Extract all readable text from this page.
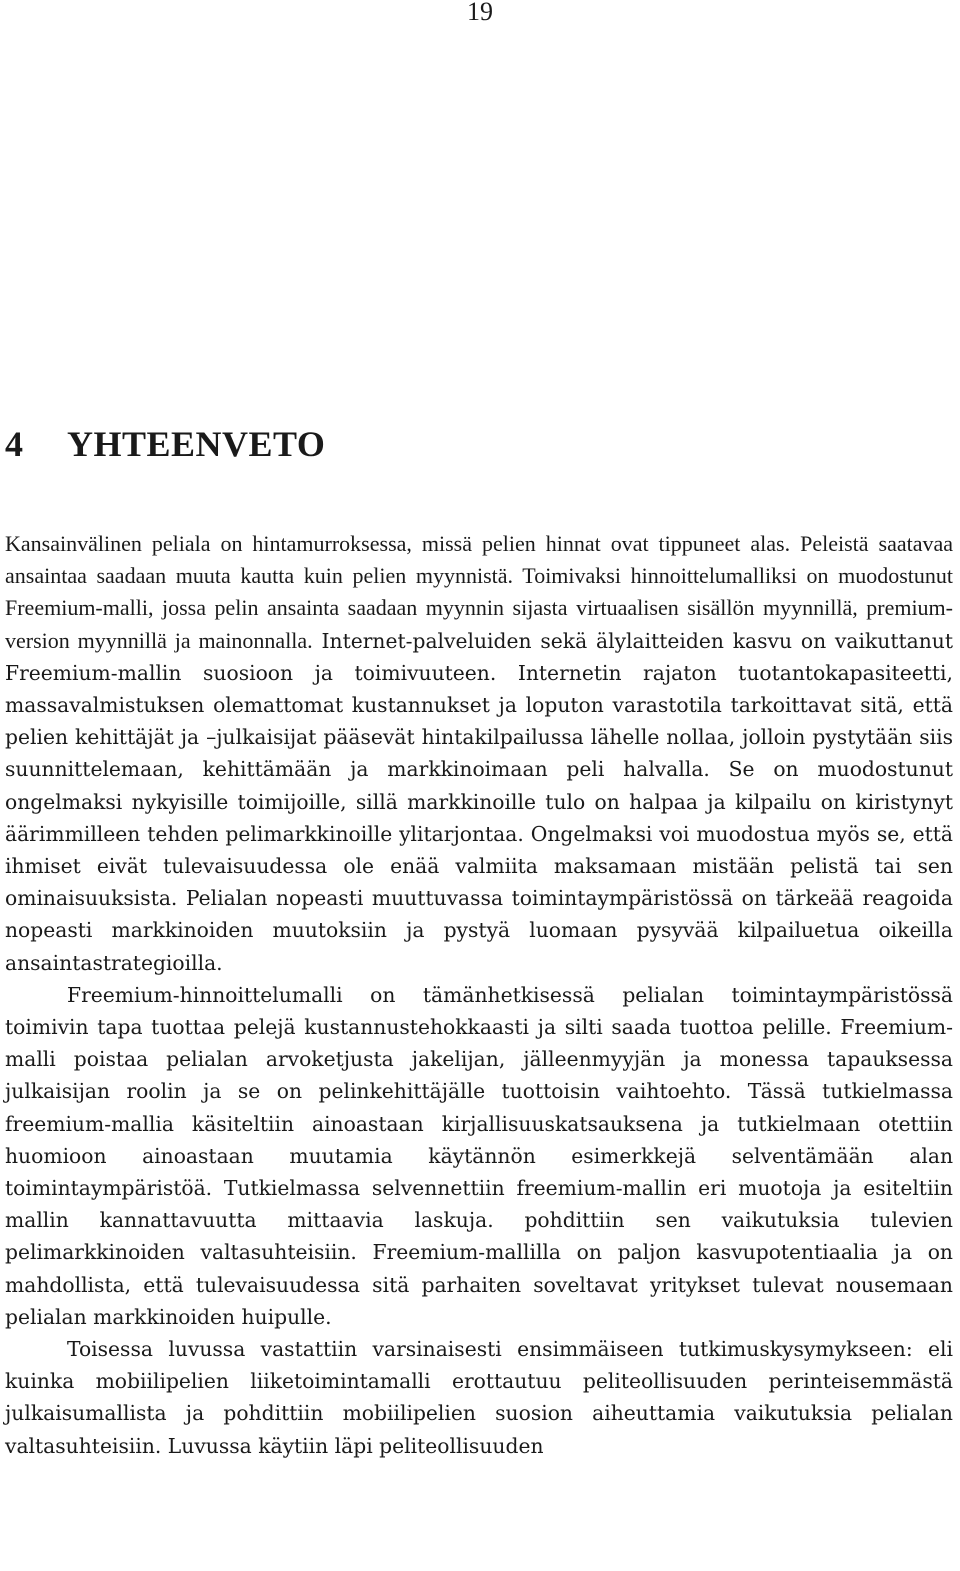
19
4 YHTEENVETO

Kansainvälinen peliala on hintamurroksessa, missä pelien hinnat ovat tippuneet alas. Peleistä saatavaa ansaintaa saadaan muuta kautta kuin pelien myynnistä. Toimivaksi hinnoittelumalliksi on muodostunut Freemium-malli, jossa pelin ansainta saadaan myynnin sijasta virtuaalisen sisällön myynnillä, premium-version myynnillä ja mainonnalla. Internet-palveluiden sekä älylaitteiden kasvu on vaikuttanut Freemium-mallin suosioon ja toimivuuteen. Internetin rajaton tuotantokapasiteetti, massavalmistuksen olemattomat kustannukset ja loputon varastotila tarkoittavat sitä, että pelien kehittäjät ja –julkaisijat pääsevät hintakilpailussa lähelle nollaa, jolloin pystytään siis suunnittelemaan, kehittämään ja markkinoimaan peli halvalla. Se on muodostunut ongelmaksi nykyisille toimijoille, sillä markkinoille tulo on halpaa ja kilpailu on kiristynyt äärimmilleen tehden pelimarkkinoille ylitarjontaa. Ongelmaksi voi muodostua myös se, että ihmiset eivät tulevaisuudessa ole enää valmiita maksamaan mistään pelistä tai sen ominaisuuksista. Pelialan nopeasti muuttuvassa toimintaympäristössä on tärkeää reagoida nopeasti markkinoiden muutoksiin ja pystyä luomaan pysyvää kilpailuetua oikeilla ansaintastrategioilla.

Freemium-hinnoittelumalli on tämänhetkisessä pelialan toimintaympäristössä toimivin tapa tuottaa pelejä kustannustehokkaasti ja silti saada tuottoa pelille. Freemium-malli poistaa pelialan arvoketjusta jakelijan, jälleenmyyjän ja monessa tapauksessa julkaisijan roolin ja se on pelinkehittäjälle tuottoisin vaihtoehto. Tässä tutkielmassa freemium-mallia käsiteltiin ainoastaan kirjallisuuskatsauksena ja tutkielmaan otettiin huomioon ainoastaan muutamia käytännön esimerkkejä selventämään alan toimintaympäristöä. Tutkielmassa selvennettiin freemium-mallin eri muotoja ja esiteltiin mallin kannattavuutta mittaavia laskuja. pohdittiin sen vaikutuksia tulevien pelimarkkinoiden valtasuhteisiin. Freemium-mallilla on paljon kasvupotentiaalia ja on mahdollista, että tulevaisuudessa sitä parhaiten soveltavat yritykset tulevat nousemaan pelialan markkinoiden huipulle.

Toisessa luvussa vastattiin varsinaisesti ensimmäiseen tutkimuskysymykseen: eli kuinka mobiilipelien liiketoimintamalli erottautuu peliteollisuuden perinteisemmästä julkaisumallista ja pohdittiin mobiilipelien suosion aiheuttamia vaikutuksia pelialan valtasuhteisiin. Luvussa käytiin läpi peliteollisuuden
